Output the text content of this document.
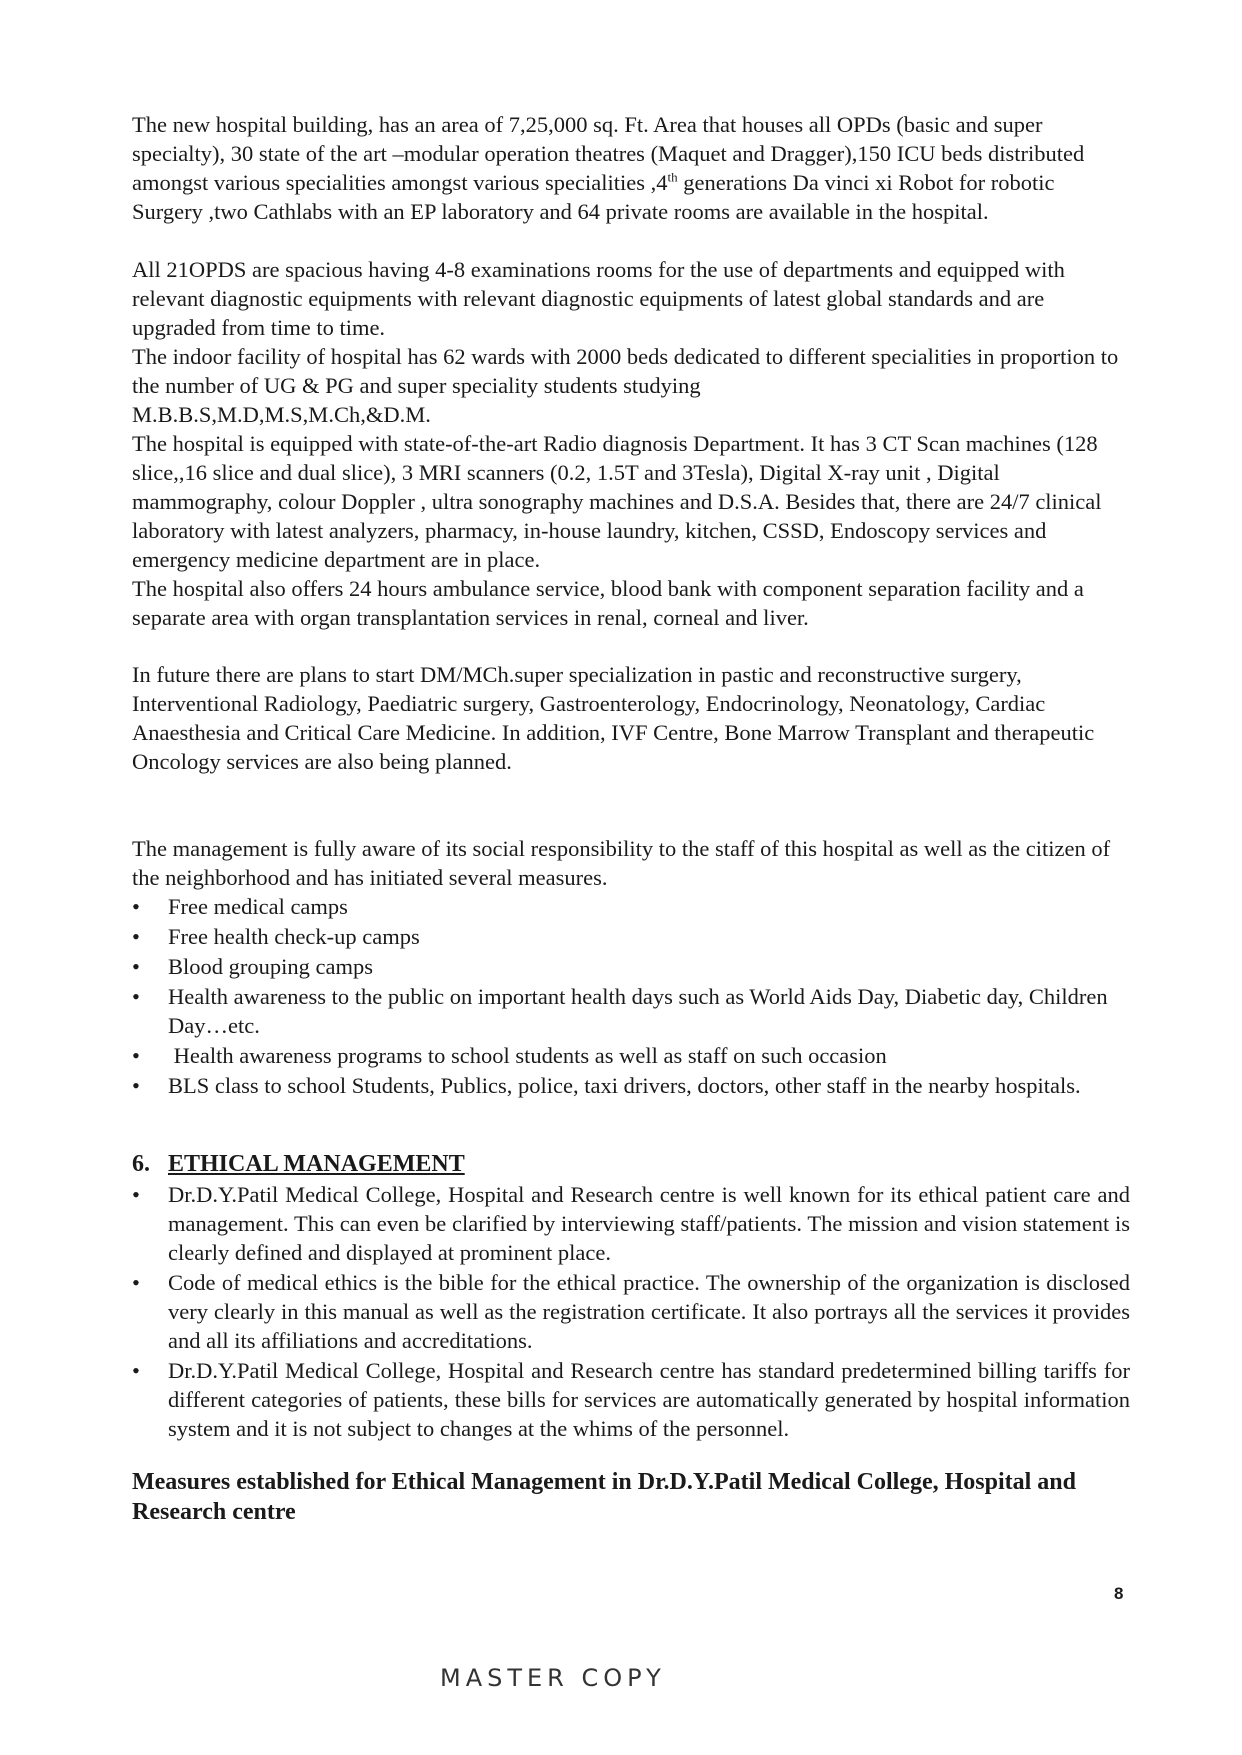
The new hospital building, has an area of 7,25,000 sq. Ft. Area that houses all OPDs (basic and super specialty), 30 state of the art –modular operation theatres (Maquet and Dragger),150 ICU beds distributed amongst various specialities amongst various specialities ,4th generations Da vinci xi Robot for robotic Surgery ,two Cathlabs with an EP laboratory and 64 private rooms are available in the hospital.

All 21OPDS are spacious having 4-8 examinations rooms for the use of departments and equipped with relevant diagnostic equipments with relevant diagnostic equipments of latest global standards and are upgraded from time to time.

The indoor facility of hospital has 62 wards with 2000 beds dedicated to different specialities in proportion to the number of UG & PG and super speciality students studying

M.B.B.S,M.D,M.S,M.Ch,&D.M.

The hospital is equipped with state-of-the-art Radio diagnosis Department. It has 3 CT Scan machines (128 slice,,16 slice and dual slice), 3 MRI scanners (0.2, 1.5T and 3Tesla), Digital X-ray unit , Digital mammography, colour Doppler , ultra sonography machines and D.S.A. Besides that, there are 24/7 clinical laboratory with latest analyzers, pharmacy, in-house laundry, kitchen, CSSD, Endoscopy services and emergency medicine department are in place.

The hospital also offers 24 hours ambulance service, blood bank with component separation facility and a separate area with organ transplantation services in renal, corneal and liver.

In future there are plans to start DM/MCh.super specialization in pastic and reconstructive surgery, Interventional Radiology, Paediatric surgery, Gastroenterology, Endocrinology, Neonatology, Cardiac Anaesthesia and Critical Care Medicine. In addition, IVF Centre, Bone Marrow Transplant and therapeutic Oncology services are also being planned.

The management is fully aware of its social responsibility to the staff of this hospital as well as the citizen of the neighborhood and has initiated several measures.

•	Free medical camps
•	Free health check-up camps
•	Blood grouping camps
•	Health awareness to the public on important health days such as World Aids Day, Diabetic day, Children Day…etc.
•	Health awareness programs to school students as well as staff on such occasion
•	BLS class to school Students, Publics, police, taxi drivers, doctors, other staff in the nearby hospitals.

6. ETHICAL MANAGEMENT

•	Dr.D.Y.Patil Medical College, Hospital and Research centre is well known for its ethical patient care and management. This can even be clarified by interviewing staff/patients. The mission and vision statement is clearly defined and displayed at prominent place.
•	Code of medical ethics is the bible for the ethical practice. The ownership of the organization is disclosed very clearly in this manual as well as the registration certificate. It also portrays all the services it provides and all its affiliations and accreditations.
•	Dr.D.Y.Patil Medical College, Hospital and Research centre has standard predetermined billing tariffs for different categories of patients, these bills for services are automatically generated by hospital information system and it is not subject to changes at the whims of the personnel.

Measures established for Ethical Management in Dr.D.Y.Patil Medical College, Hospital and Research centre

8
MASTER COPY
